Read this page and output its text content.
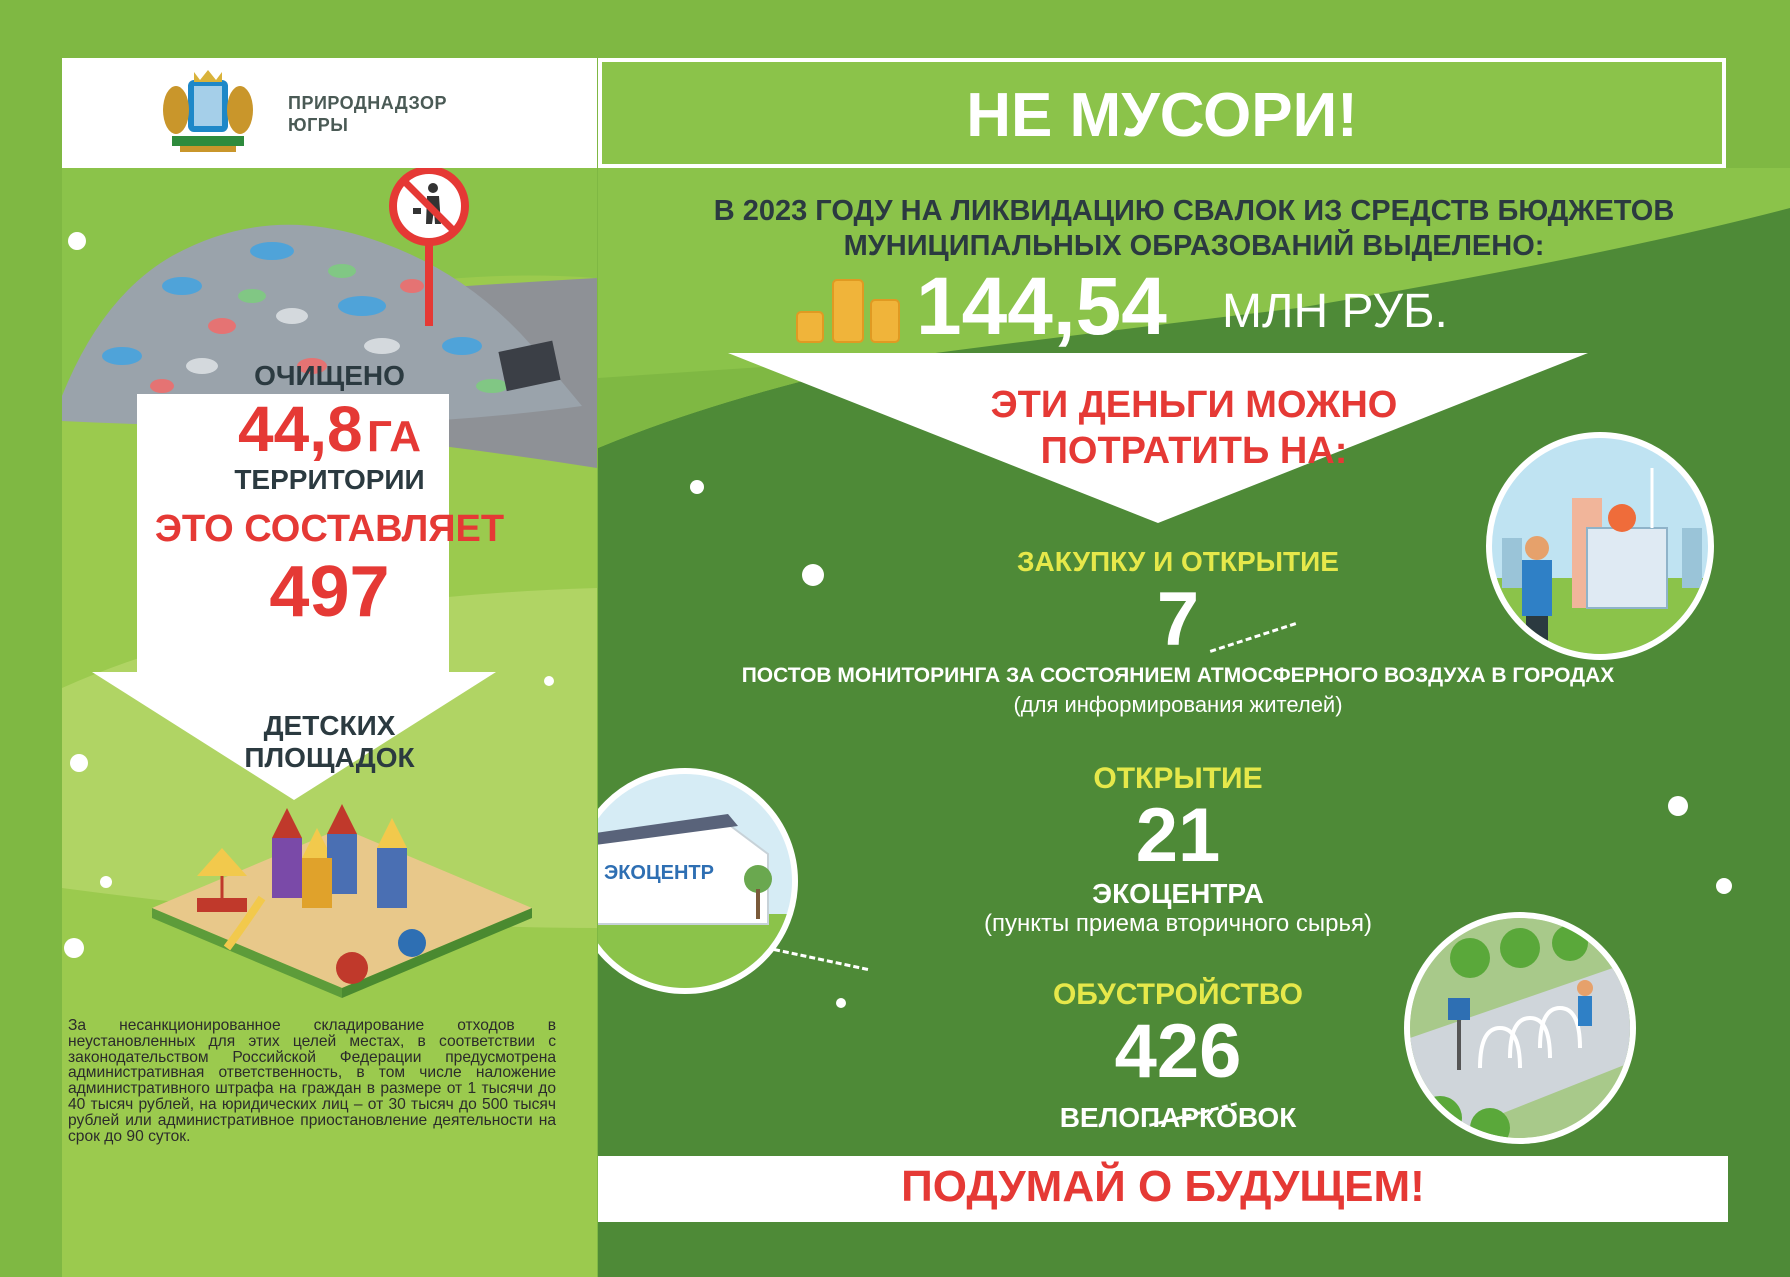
ПРИРОДНАДЗОР
ЮГРЫ	НЕ МУСОРИ!
ОЧИЩЕНО
44,8 ГА
ТЕРРИТОРИИ
ЭТО СОСТАВЛЯЕТ
497
ДЕТСКИХ
ПЛОЩАДОК
За несанкционированное складирование отходов в неустановленных для этих целей местах, в соответствии с законодательством Российской Федерации предусмотрена административная ответственность, в том числе наложение административного штрафа на граждан в размере от 1 тысячи до 40 тысяч рублей, на юридических лиц – от 30 тысяч до 500 тысяч рублей или административное приостановление деятельности на срок до 90 суток.
В 2023 ГОДУ НА ЛИКВИДАЦИЮ СВАЛОК ИЗ СРЕДСТВ БЮДЖЕТОВ
МУНИЦИПАЛЬНЫХ ОБРАЗОВАНИЙ ВЫДЕЛЕНО:
144,54 МЛН РУБ.
ЭТИ ДЕНЬГИ МОЖНО
ПОТРАТИТЬ НА:
ЗАКУПКУ И ОТКРЫТИЕ
7
ПОСТОВ МОНИТОРИНГА ЗА СОСТОЯНИЕМ АТМОСФЕРНОГО ВОЗДУХА В ГОРОДАХ
(для информирования жителей)
ОТКРЫТИЕ
21
ЭКОЦЕНТРА
(пункты приема вторичного сырья)
ОБУСТРОЙСТВО
426
ВЕЛОПАРКОВОК
ЭКОЦЕНТР
ПОДУМАЙ О БУДУЩЕМ!
